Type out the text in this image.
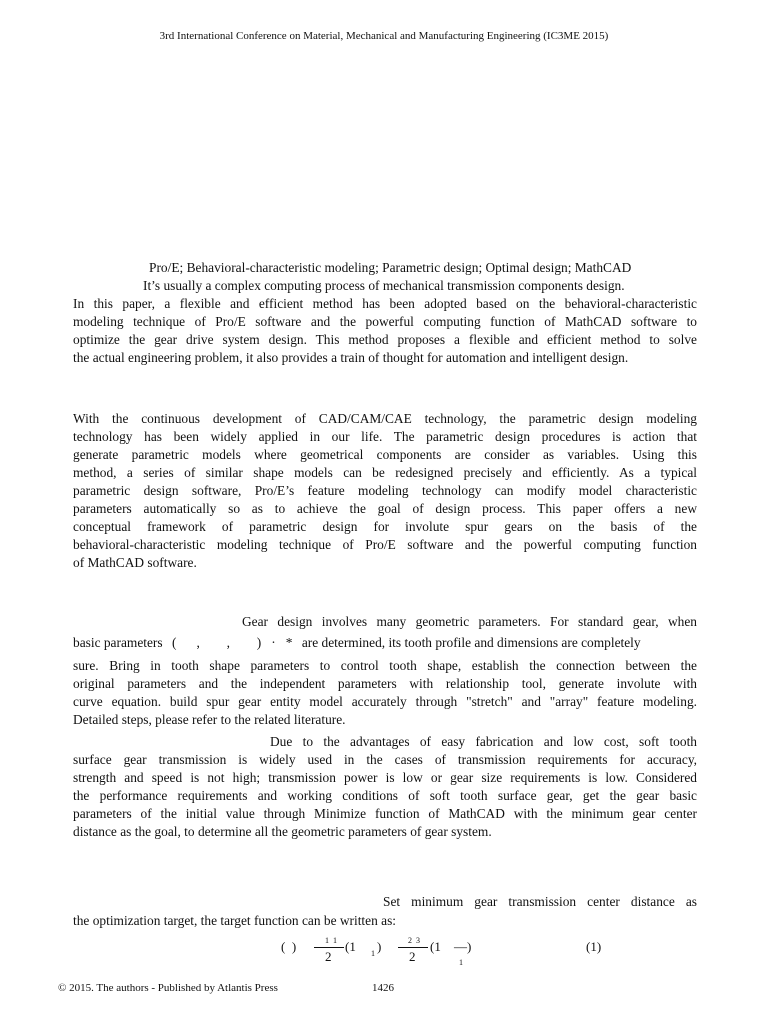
3rd International Conference on Material, Mechanical and Manufacturing Engineering (IC3ME 2015)
Pro/E; Behavioral-characteristic modeling; Parametric design; Optimal design; MathCAD
It’s usually a complex computing process of mechanical transmission components design.
In this paper, a flexible and efficient method has been adopted based on the behavioral-characteristic
modeling technique of Pro/E software and the powerful computing function of MathCAD software to
optimize the gear drive system design. This method proposes a flexible and efficient method to solve
the actual engineering problem, it also provides a train of thought for automation and intelligent design.
With the continuous development of CAD/CAM/CAE technology, the parametric design modeling
technology has been widely applied in our life. The parametric design procedures is action that
generate parametric models where geometrical components are consider as variables. Using this
method, a series of similar shape models can be redesigned precisely and efficiently. As a typical
parametric design software, Pro/E’s feature modeling technology can modify model characteristic
parameters automatically so as to achieve the goal of design process. This paper offers a new
conceptual framework of parametric design for involute spur gears on the basis of the
behavioral-characteristic modeling technique of Pro/E software and the powerful computing function
of MathCAD software.
Gear design involves many geometric parameters. For standard gear, when
basic parameters (      ,        ,        )   ·   * are determined, its tooth profile and dimensions are completely
sure. Bring in tooth shape parameters to control tooth shape, establish the connection between the
original parameters and the independent parameters with relationship tool, generate involute with
curve equation. build spur gear entity model accurately through "stretch" and "array" feature modeling.
Detailed steps, please refer to the related literature.
Due to the advantages of easy fabrication and low cost, soft tooth
surface gear transmission is widely used in the cases of transmission requirements for accuracy,
strength and speed is not high; transmission power is low or gear size requirements is low. Considered
the performance requirements and working conditions of soft tooth surface gear, get the gear basic
parameters of the initial value through Minimize function of MathCAD with the minimum gear center
distance as the goal, to determine all the geometric parameters of gear system.
Set minimum gear transmission center distance as
the optimization target, the target function can be written as:
(  )	1  1
2
(1 1 )	2  3
2
(1 —)
1
(1)
© 2015. The authors - Published by Atlantis Press	1426
